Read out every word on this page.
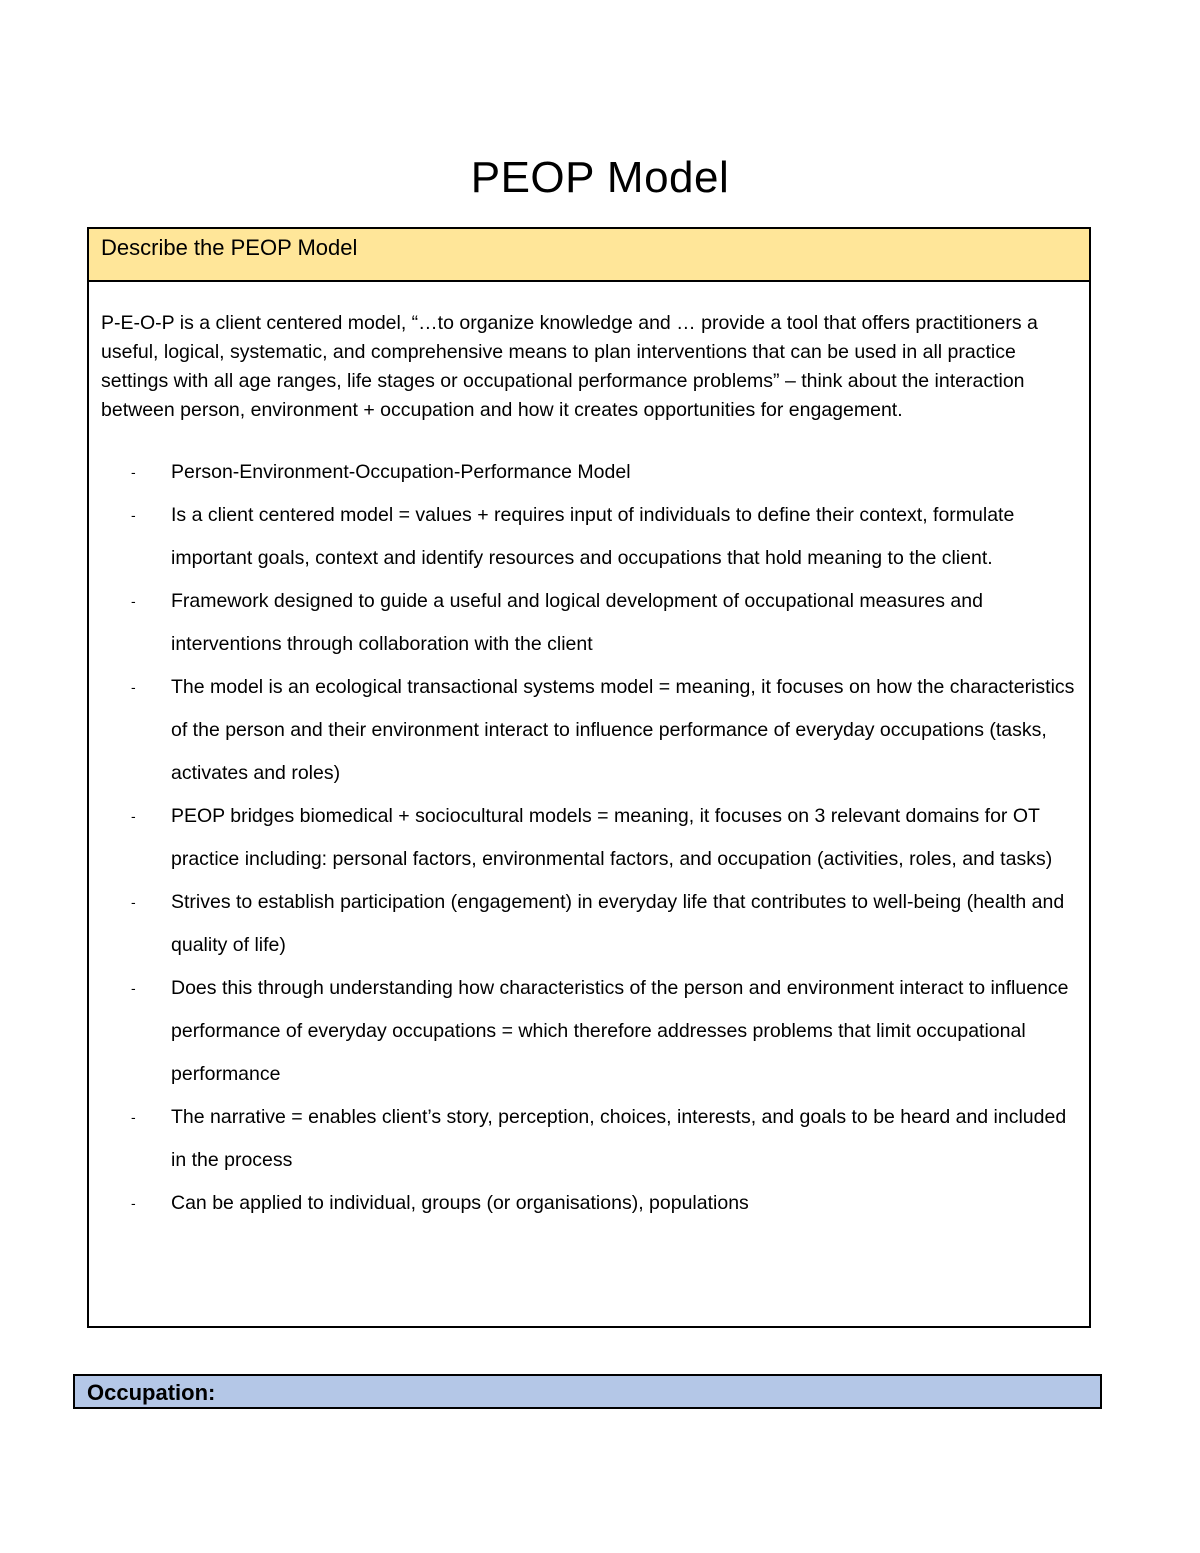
PEOP Model
Describe the PEOP Model
P-E-O-P is a client centered model, “…to organize knowledge and … provide a tool that offers practitioners a useful, logical, systematic, and comprehensive means to plan interventions that can be used in all practice settings with all age ranges, life stages or occupational performance problems” – think about the interaction between person, environment + occupation and how it creates opportunities for engagement.
- Person-Environment-Occupation-Performance Model
- Is a client centered model = values + requires input of individuals to define their context, formulate important goals, context and identify resources and occupations that hold meaning to the client.
- Framework designed to guide a useful and logical development of occupational measures and interventions through collaboration with the client
- The model is an ecological transactional systems model = meaning, it focuses on how the characteristics of the person and their environment interact to influence performance of everyday occupations (tasks, activates and roles)
- PEOP bridges biomedical + sociocultural models = meaning, it focuses on 3 relevant domains for OT practice including: personal factors, environmental factors, and occupation (activities, roles, and tasks)
- Strives to establish participation (engagement) in everyday life that contributes to well-being (health and quality of life)
- Does this through understanding how characteristics of the person and environment interact to influence performance of everyday occupations = which therefore addresses problems that limit occupational performance
- The narrative = enables client’s story, perception, choices, interests, and goals to be heard and included in the process
- Can be applied to individual, groups (or organisations), populations
Occupation:
